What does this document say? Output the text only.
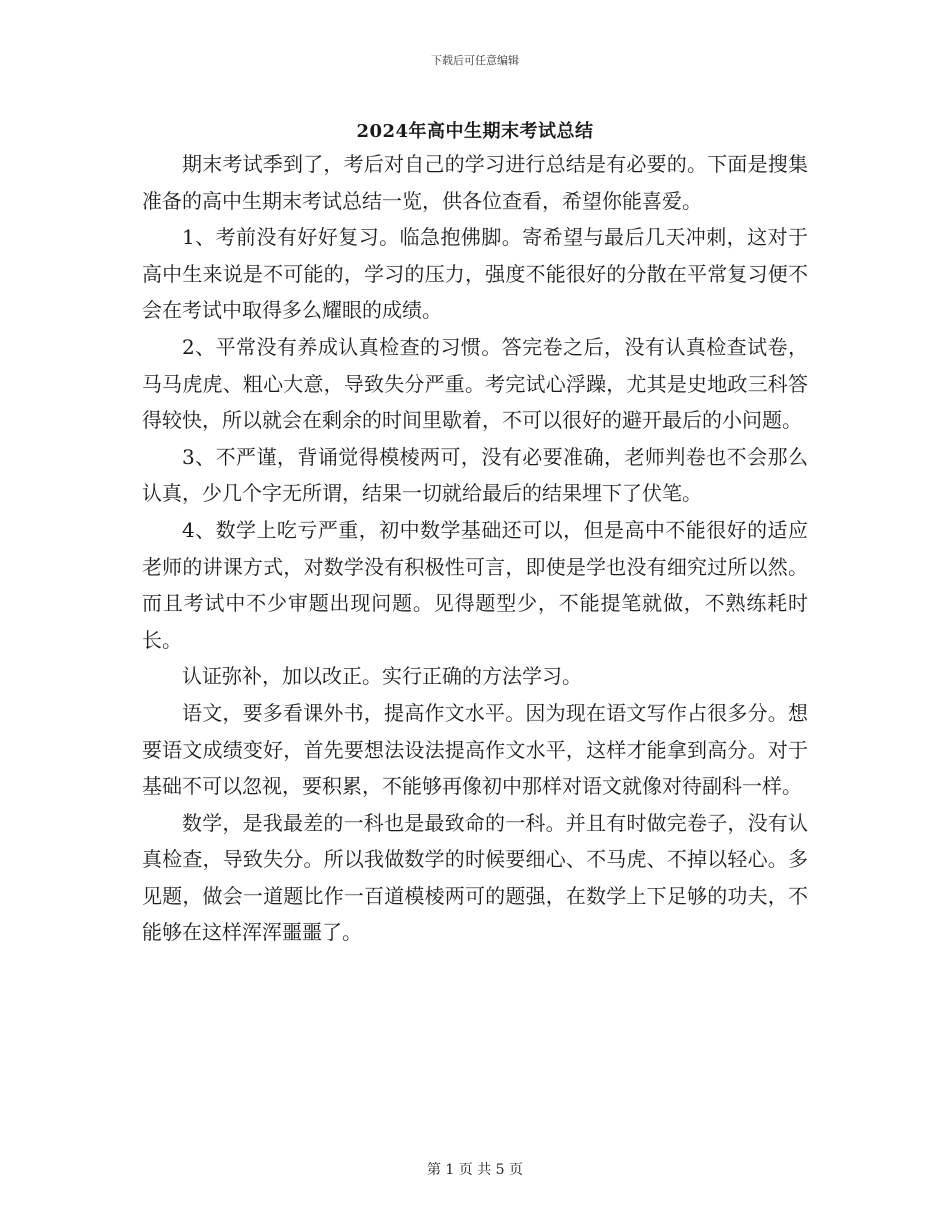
下载后可任意编辑
2024年高中生期末考试总结

期末考试季到了，考后对自己的学习进行总结是有必要的。下面是搜集准备的高中生期末考试总结一览，供各位查看，希望你能喜爱。

1、考前没有好好复习。临急抱佛脚。寄希望与最后几天冲刺，这对于高中生来说是不可能的，学习的压力，强度不能很好的分散在平常复习便不会在考试中取得多么耀眼的成绩。

2、平常没有养成认真检查的习惯。答完卷之后，没有认真检查试卷，马马虎虎、粗心大意，导致失分严重。考完试心浮躁，尤其是史地政三科答得较快，所以就会在剩余的时间里歇着，不可以很好的避开最后的小问题。

3、不严谨，背诵觉得模棱两可，没有必要准确，老师判卷也不会那么认真，少几个字无所谓，结果一切就给最后的结果埋下了伏笔。

4、数学上吃亏严重，初中数学基础还可以，但是高中不能很好的适应老师的讲课方式，对数学没有积极性可言，即使是学也没有细究过所以然。而且考试中不少审题出现问题。见得题型少，不能提笔就做，不熟练耗时长。

认证弥补，加以改正。实行正确的方法学习。

语文，要多看课外书，提高作文水平。因为现在语文写作占很多分。想要语文成绩变好，首先要想法设法提高作文水平，这样才能拿到高分。对于基础不可以忽视，要积累，不能够再像初中那样对语文就像对待副科一样。

数学，是我最差的一科也是最致命的一科。并且有时做完卷子，没有认真检查，导致失分。所以我做数学的时候要细心、不马虎、不掉以轻心。多见题，做会一道题比作一百道模棱两可的题强，在数学上下足够的功夫，不能够在这样浑浑噩噩了。

第 1 页 共 5 页
